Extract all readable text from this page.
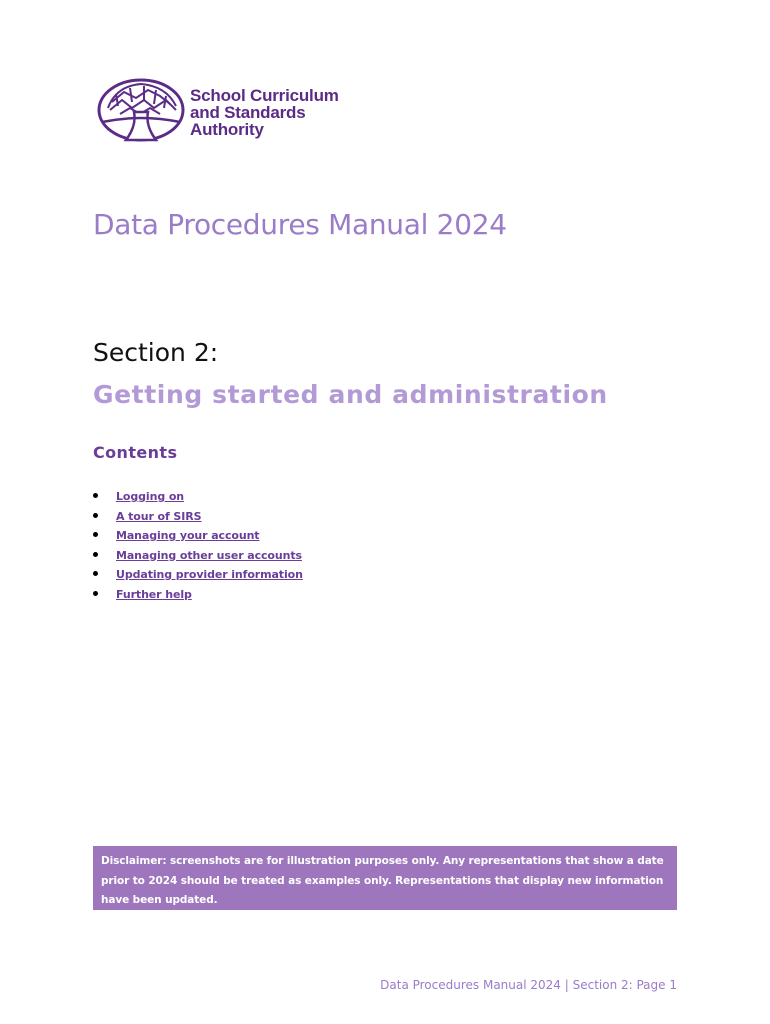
School Curriculum
and Standards
Authority
Data Procedures Manual 2024
Section 2:
Getting started and administration
Contents
Logging on
A tour of SIRS
Managing your account
Managing other user accounts
Updating provider information
Further help

Disclaimer: screenshots are for illustration purposes only. Any representations that show a date prior to 2024 should be treated as examples only. Representations that display new information have been updated.

Data Procedures Manual 2024 | Section 2: Page 1
